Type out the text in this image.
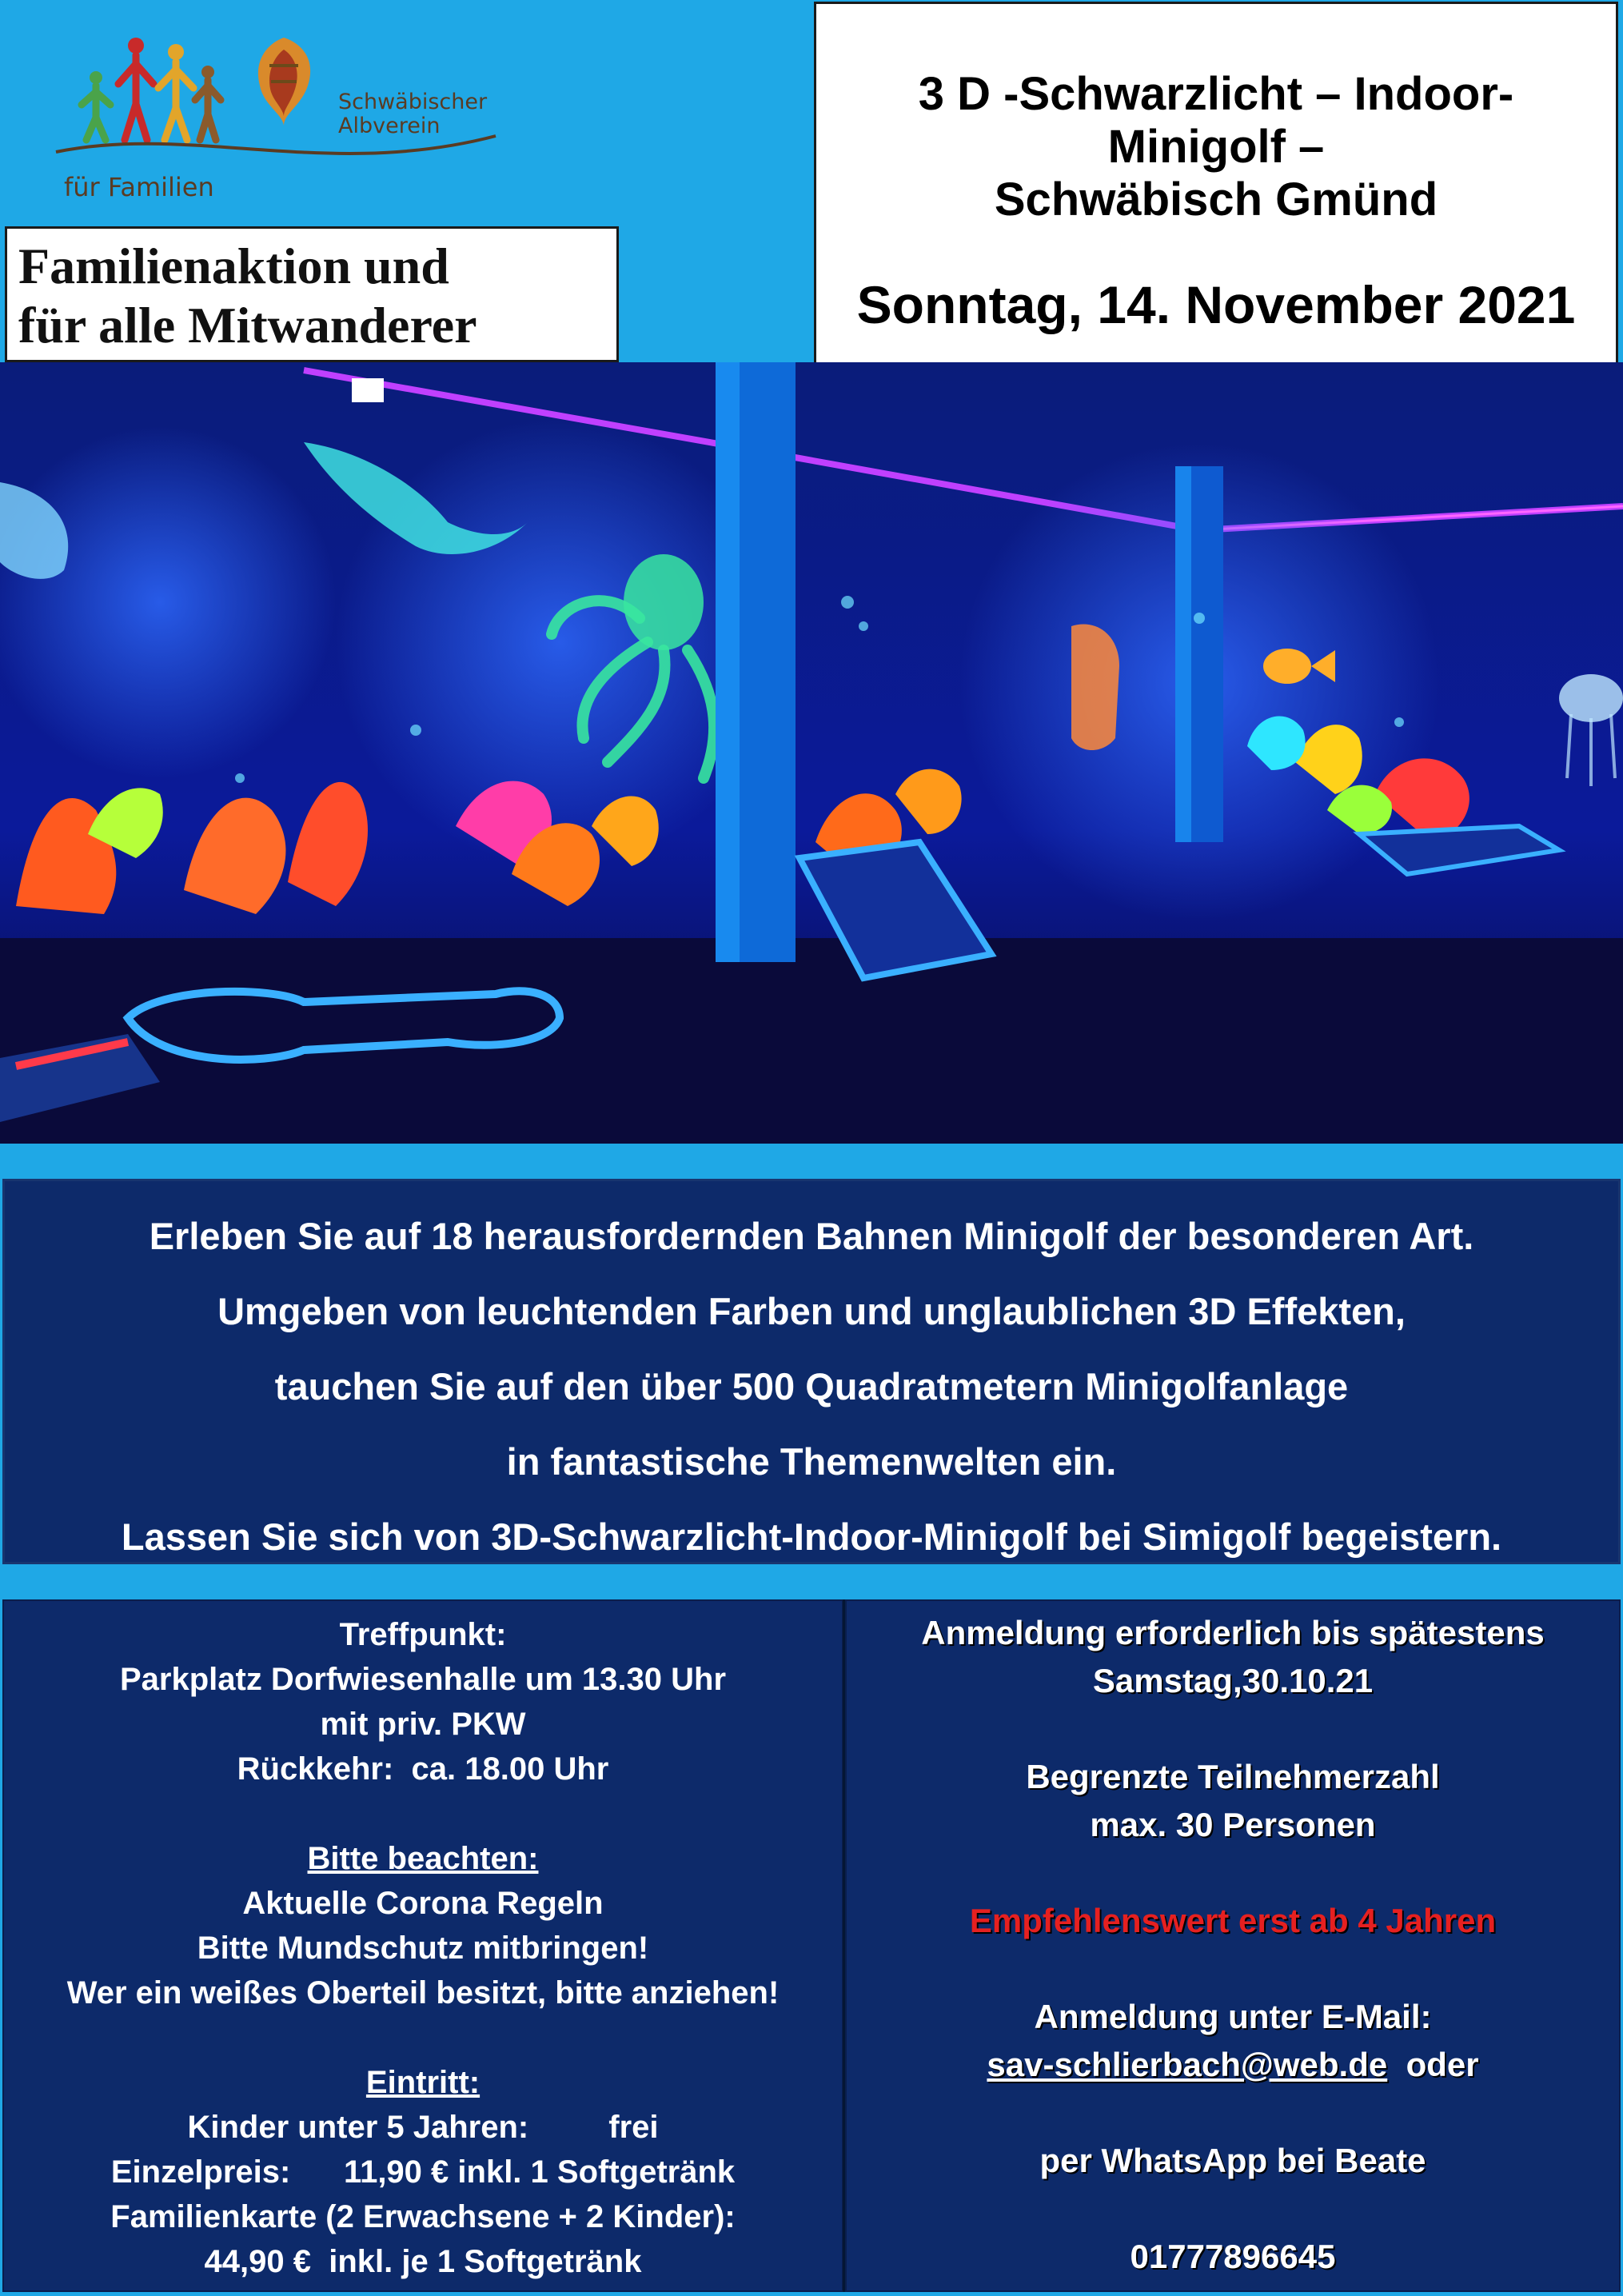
für Familien
Schwäbischer
Albverein
3 D -Schwarzlicht – Indoor-
Minigolf –
Schwäbisch Gmünd
Sonntag, 14. November 2021
Familienaktion und
für alle Mitwanderer
Erleben Sie auf 18 herausfordernden Bahnen Minigolf der besonderen Art.
Umgeben von leuchtenden Farben und unglaublichen 3D Effekten,
tauchen Sie auf den über 500 Quadratmetern Minigolfanlage
in fantastische Themenwelten ein.
Lassen Sie sich von 3D-Schwarzlicht-Indoor-Minigolf bei Simigolf begeistern.
Treffpunkt:
Parkplatz Dorfwiesenhalle um 13.30 Uhr
mit priv. PKW
Rückkehr:  ca. 18.00 Uhr
Bitte beachten:
Aktuelle Corona Regeln
Bitte Mundschutz mitbringen!
Wer ein weißes Oberteil besitzt, bitte anziehen!
Eintritt:
Kinder unter 5 Jahren:         frei
Einzelpreis:      11,90 € inkl. 1 Softgetränk
Familienkarte (2 Erwachsene + 2 Kinder):
44,90 €  inkl. je 1 Softgetränk
Anmeldung erforderlich bis spätestens
Samstag,30.10.21
Begrenzte Teilnehmerzahl
max. 30 Personen
Empfehlenswert erst ab 4 Jahren
Anmeldung unter E-Mail:
sav-schlierbach@web.de oder
per WhatsApp bei Beate
01777896645
